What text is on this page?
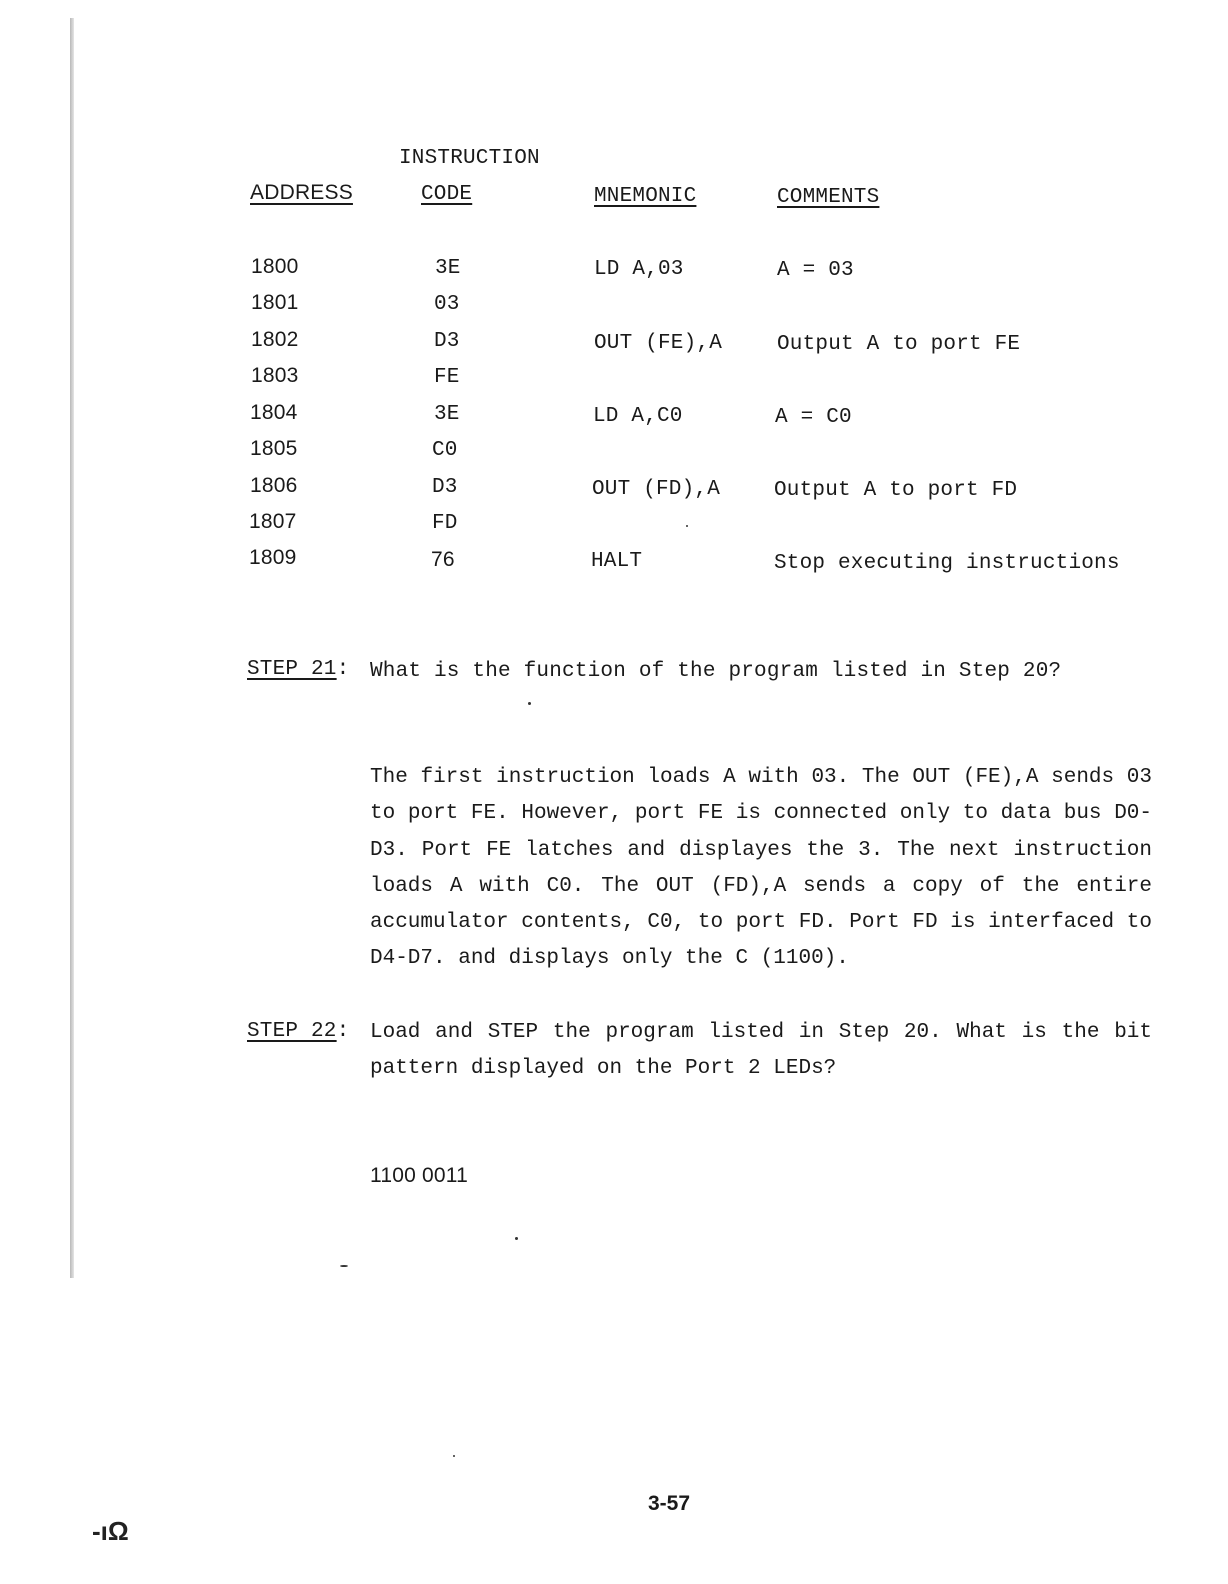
INSTRUCTION
ADDRESS	CODE	MNEMONIC	COMMENTS
1800	3E	LD A,03	A = 03
1801	03
1802	D3	OUT (FE),A	Output A to port FE
1803	FE
1804	3E	LD A,C0	A = C0
1805	C0
1806	D3	OUT (FD),A	Output A to port FD
1807	FD
1809	76	HALT	Stop executing instructions
STEP 21: What is the function of the program listed in Step 20?
The first instruction loads A with 03. The OUT (FE),A sends 03 to port FE. However, port FE is connected only to data bus D0-D3. Port FE latches and displayes the 3. The next instruction loads A with C0. The OUT (FD),A sends a copy of the entire accumulator contents, C0, to port FD. Port FD is interfaced to D4-D7. and displays only the C (1100).
STEP 22: Load and STEP the program listed in Step 20. What is the bit pattern displayed on the Port 2 LEDs?
1100 0011
3-57
-ıΩ
